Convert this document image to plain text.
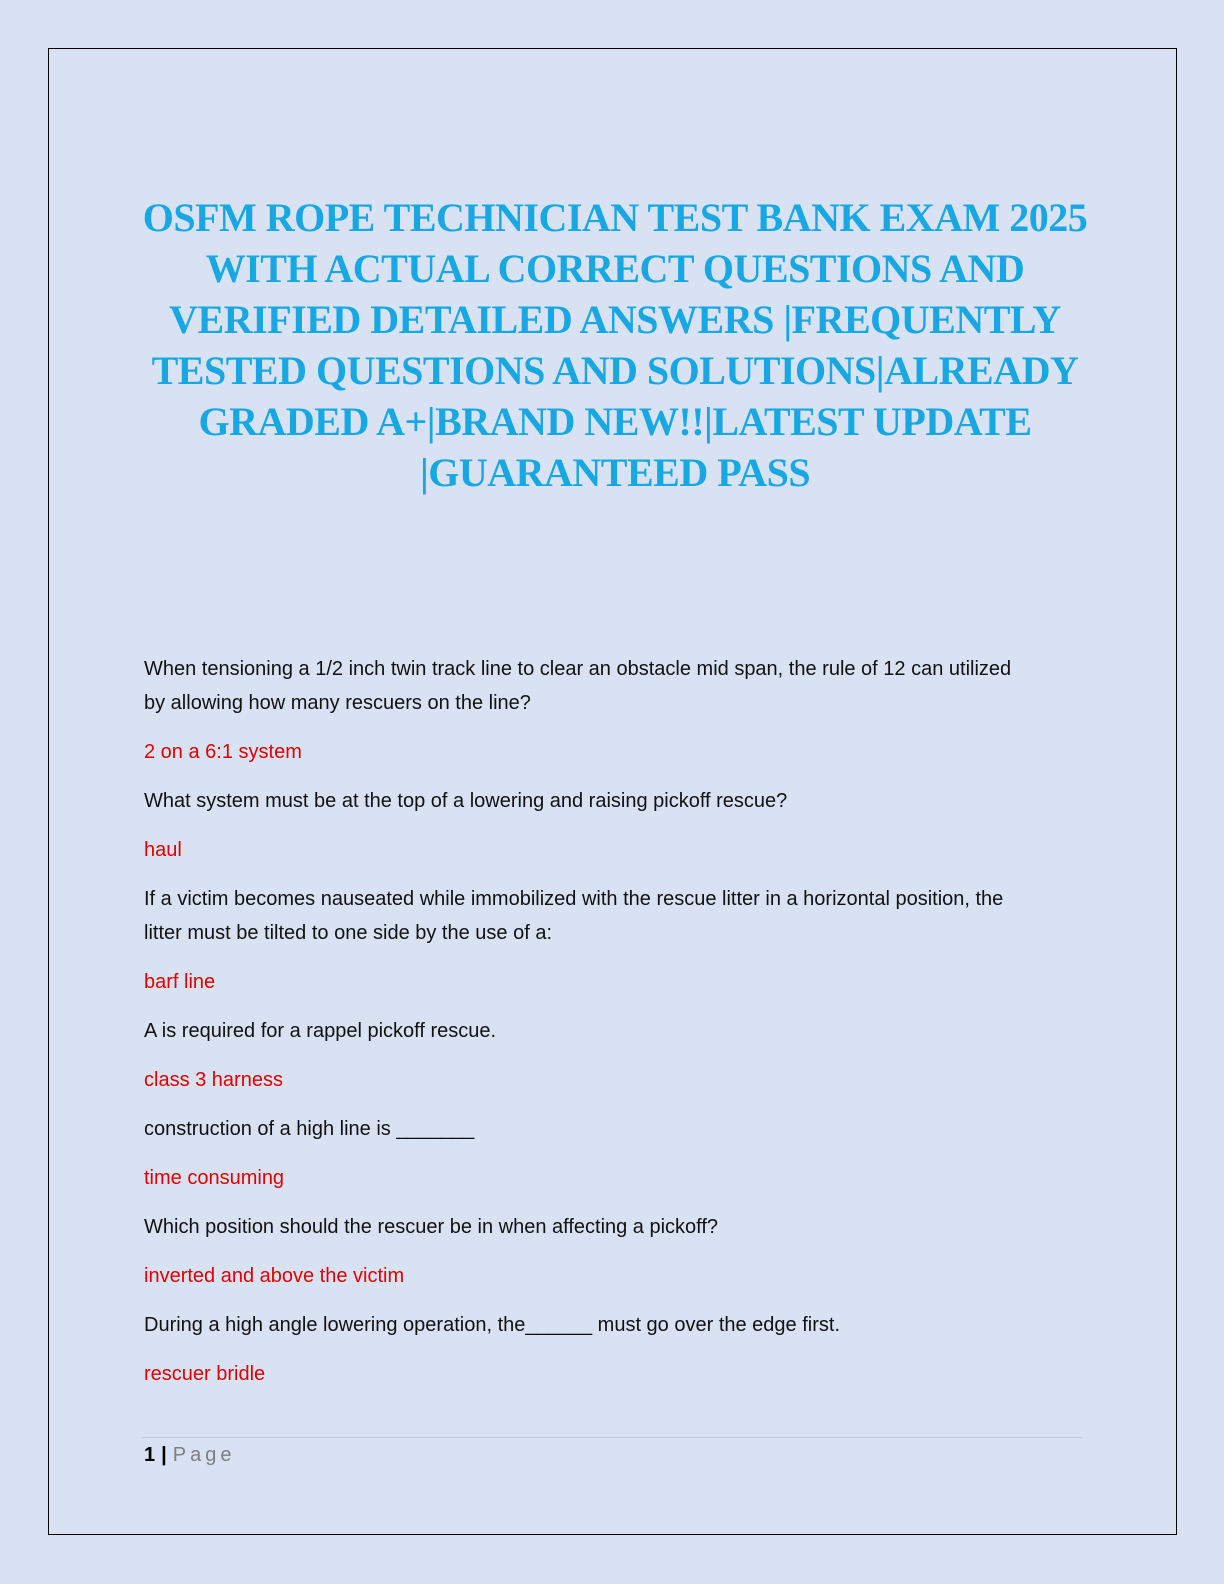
OSFM ROPE TECHNICIAN TEST BANK EXAM 2025 WITH ACTUAL CORRECT QUESTIONS AND VERIFIED DETAILED ANSWERS |FREQUENTLY TESTED QUESTIONS AND SOLUTIONS|ALREADY GRADED A+|BRAND NEW!!|LATEST UPDATE |GUARANTEED PASS

When tensioning a 1/2 inch twin track line to clear an obstacle mid span, the rule of 12 can utilized by allowing how many rescuers on the line?

2 on a 6:1 system

What system must be at the top of a lowering and raising pickoff rescue?

haul

If a victim becomes nauseated while immobilized with the rescue litter in a horizontal position, the litter must be tilted to one side by the use of a:

barf line

A is required for a rappel pickoff rescue.

class 3 harness

construction of a high line is _______

time consuming

Which position should the rescuer be in when affecting a pickoff?

inverted and above the victim

During a high angle lowering operation, the______ must go over the edge first.

rescuer bridle

1 | Page
